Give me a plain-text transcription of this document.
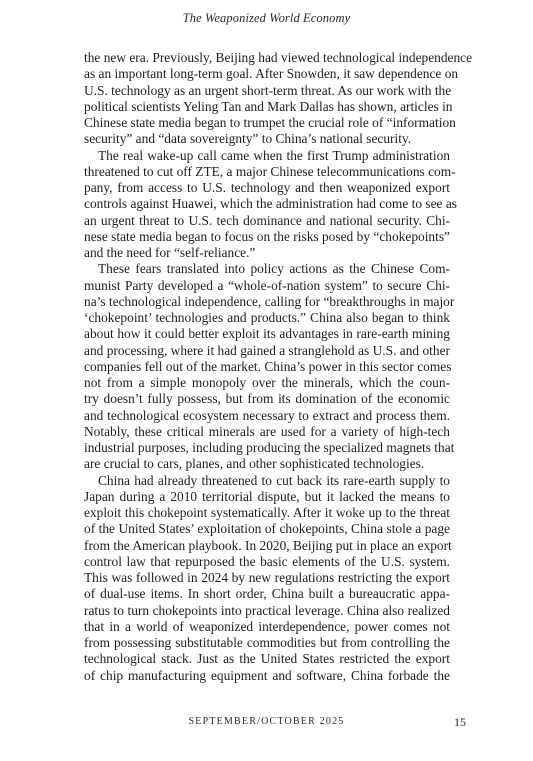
The Weaponized World Economy
the new era. Previously, Beijing had viewed technological independence
as an important long-term goal. After Snowden, it saw dependence on
U.S. technology as an urgent short-term threat. As our work with the
political scientists Yeling Tan and Mark Dallas has shown, articles in
Chinese state media began to trumpet the crucial role of “information
security” and “data sovereignty” to China’s national security.
The real wake-up call came when the first Trump administration
threatened to cut off ZTE, a major Chinese telecommunications com-
pany, from access to U.S. technology and then weaponized export
controls against Huawei, which the administration had come to see as
an urgent threat to U.S. tech dominance and national security. Chi-
nese state media began to focus on the risks posed by “chokepoints”
and the need for “self-reliance.”
These fears translated into policy actions as the Chinese Com-
munist Party developed a “whole-of-nation system” to secure Chi-
na’s technological independence, calling for “breakthroughs in major
‘chokepoint’ technologies and products.” China also began to think
about how it could better exploit its advantages in rare-earth mining
and processing, where it had gained a stranglehold as U.S. and other
companies fell out of the market. China’s power in this sector comes
not from a simple monopoly over the minerals, which the coun-
try doesn’t fully possess, but from its domination of the economic
and technological ecosystem necessary to extract and process them.
Notably, these critical minerals are used for a variety of high-tech
industrial purposes, including producing the specialized magnets that
are crucial to cars, planes, and other sophisticated technologies.
China had already threatened to cut back its rare-earth supply to
Japan during a 2010 territorial dispute, but it lacked the means to
exploit this chokepoint systematically. After it woke up to the threat
of the United States’ exploitation of chokepoints, China stole a page
from the American playbook. In 2020, Beijing put in place an export
control law that repurposed the basic elements of the U.S. system.
This was followed in 2024 by new regulations restricting the export
of dual-use items. In short order, China built a bureaucratic appa-
ratus to turn chokepoints into practical leverage. China also realized
that in a world of weaponized interdependence, power comes not
from possessing substitutable commodities but from controlling the
technological stack. Just as the United States restricted the export
of chip manufacturing equipment and software, China forbade the
SEPTEMBER/OCTOBER 2025	15
